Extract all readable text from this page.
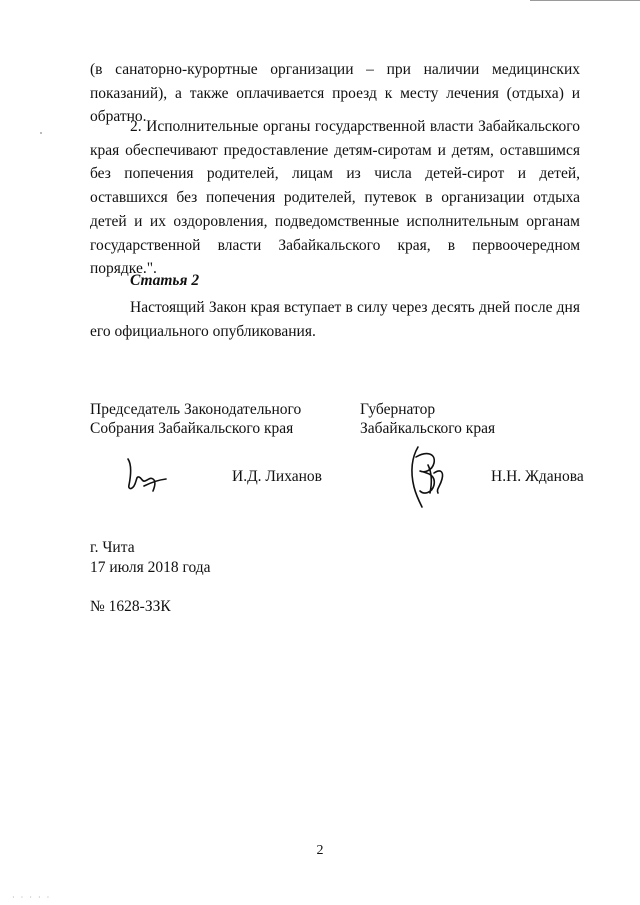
(в санаторно-курортные организации – при наличии медицинских показаний), а также оплачивается проезд к месту лечения (отдыха) и обратно.
2. Исполнительные органы государственной власти Забайкальского края обеспечивают предоставление детям-сиротам и детям, оставшимся без попечения родителей, лицам из числа детей-сирот и детей, оставшихся без попечения родителей, путевок в организации отдыха детей и их оздоровления, подведомственные исполнительным органам государственной власти Забайкальского края, в первоочередном порядке.".
Статья 2
Настоящий Закон края вступает в силу через десять дней после дня его официального опубликования.
Председатель Законодательного
Собрания Забайкальского края
Губернатор
Забайкальского края
И.Д. Лиханов	Н.Н. Жданова
г. Чита
17 июля 2018 года
№ 1628-ЗЗК
2
· · · · ·
